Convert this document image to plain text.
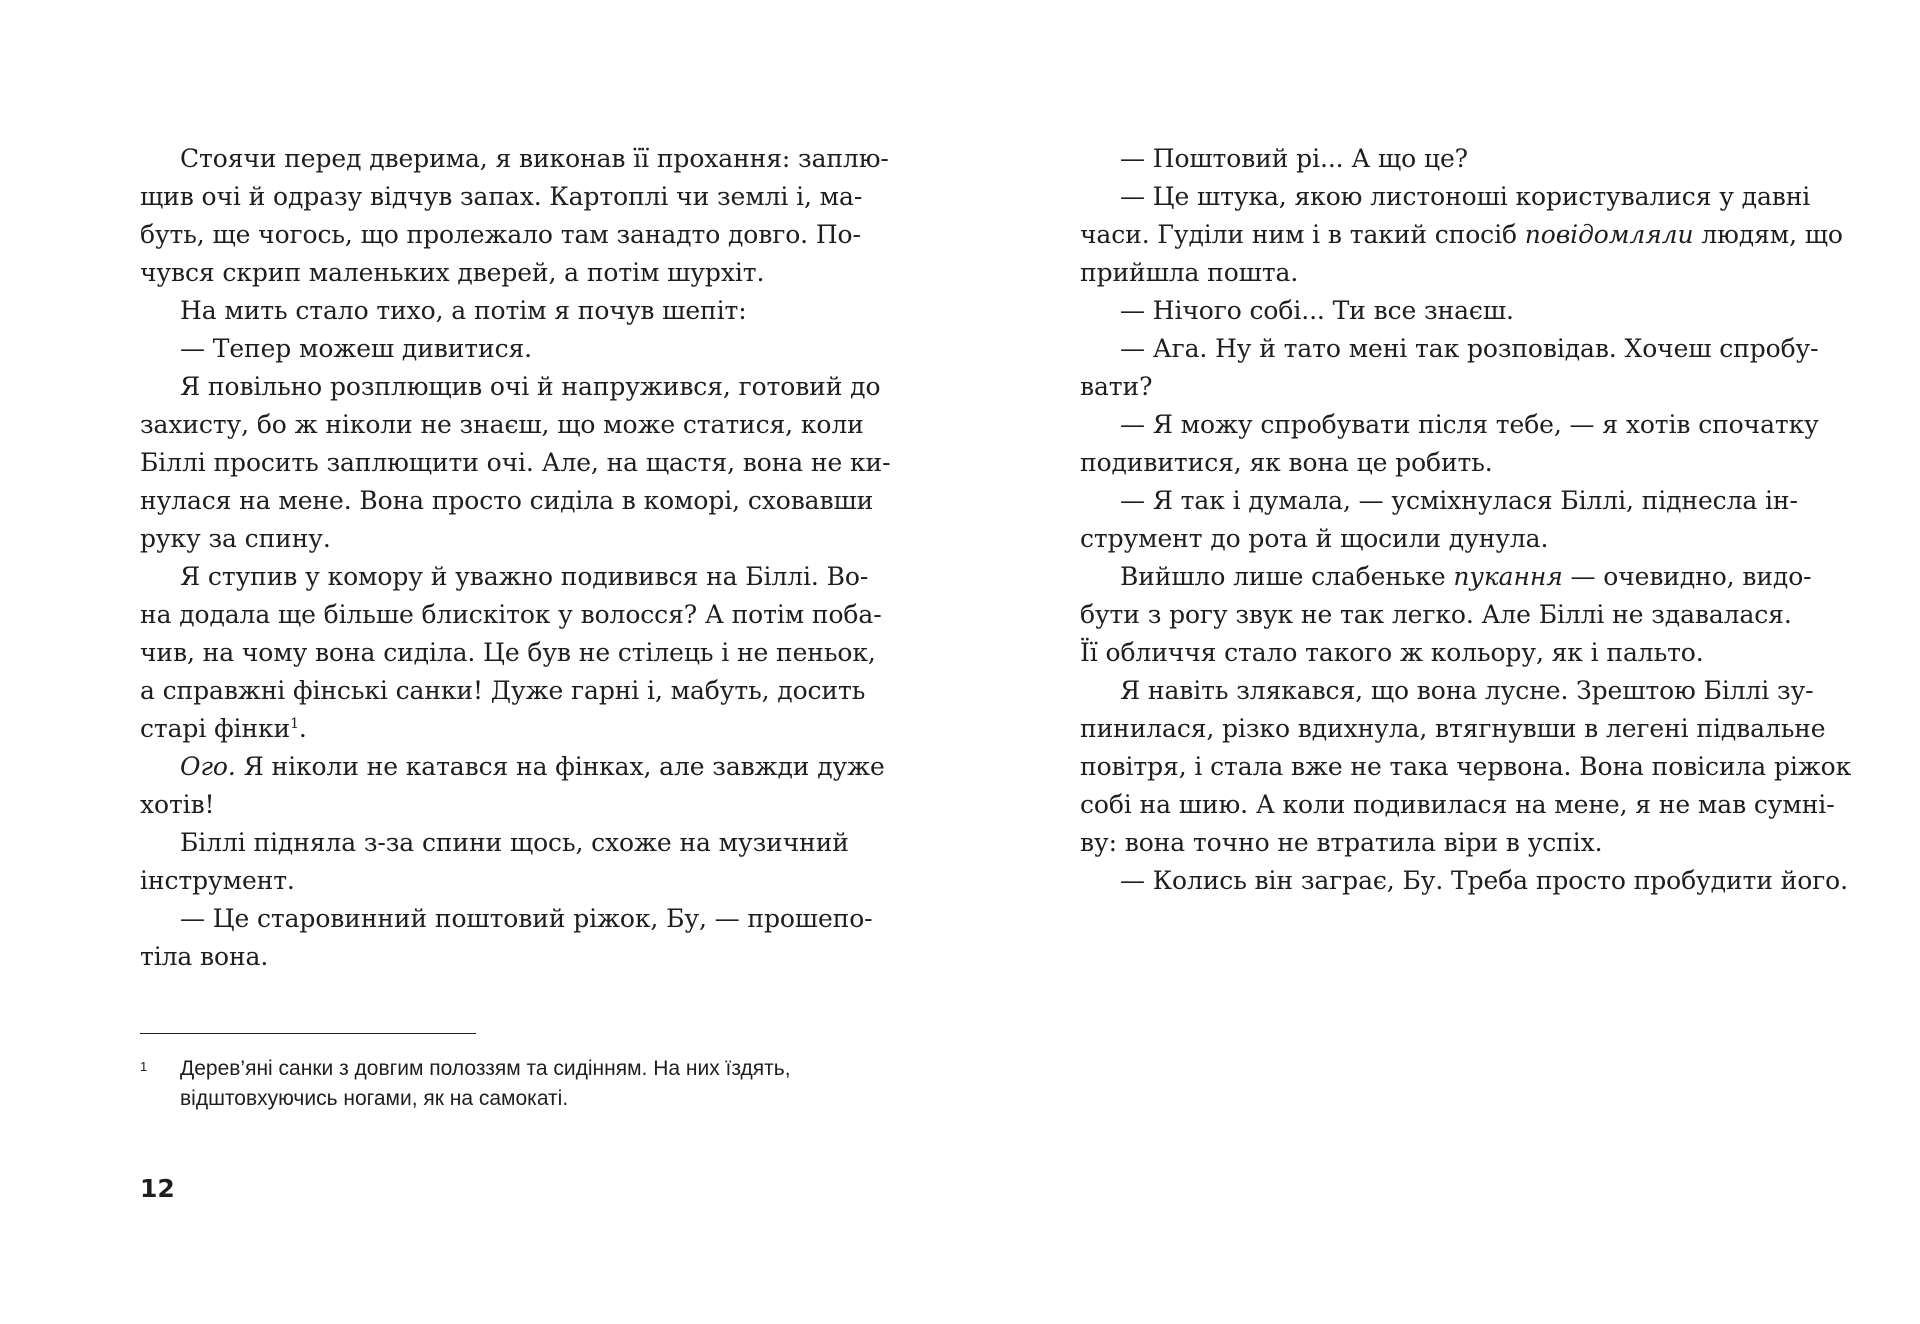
Стоячи перед дверима, я виконав її прохання: заплю-
щив очі й одразу відчув запах. Картоплі чи землі і, ма-
буть, ще чогось, що пролежало там занадто довго. По-
чувся скрип маленьких дверей, а потім шурхіт.
На мить стало тихо, а потім я почув шепіт:
— Тепер можеш дивитися.
Я повільно розплющив очі й напружився, готовий до
захисту, бо ж ніколи не знаєш, що може статися, коли
Біллі просить заплющити очі. Але, на щастя, вона не ки-
нулася на мене. Вона просто сиділа в коморі, сховавши
руку за спину.
Я ступив у комору й уважно подивився на Біллі. Во-
на додала ще більше блискіток у волосся? А потім поба-
чив, на чому вона сиділа. Це був не стілець і не пеньок,
а справжні фінські санки! Дуже гарні і, мабуть, досить
старі фінки$^1$.
Ого. Я ніколи не катався на фінках, але завжди дуже
хотів!
Біллі підняла з-за спини щось, схоже на музичний
інструмент.
— Це старовинний поштовий ріжок, Бу, — прошепо-
тіла вона.
1 Дерев’яні санки з довгим полоззям та сидінням. На них їздять,
відштовхуючись ногами, як на самокаті.
12
— Поштовий рі... А що це?
— Це штука, якою листоноші користувалися у давні
часи. Гуділи ним і в такий спосіб повідомляли людям, що
прийшла пошта.
— Нічого собі... Ти все знаєш.
— Ага. Ну й тато мені так розповідав. Хочеш спробу-
вати?
— Я можу спробувати після тебе, — я хотів спочатку
подивитися, як вона це робить.
— Я так і думала, — усміхнулася Біллі, піднесла ін-
струмент до рота й щосили дунула.
Вийшло лише слабеньке пукання — очевидно, видо-
бути з рогу звук не так легко. Але Біллі не здавалася.
Її обличчя стало такого ж кольору, як і пальто.
Я навіть злякався, що вона лусне. Зрештою Біллі зу-
пинилася, різко вдихнула, втягнувши в легені підвальне
повітря, і стала вже не така червона. Вона повісила ріжок
собі на шию. А коли подивилася на мене, я не мав сумні-
ву: вона точно не втратила віри в успіх.
— Колись він заграє, Бу. Треба просто пробудити його.
